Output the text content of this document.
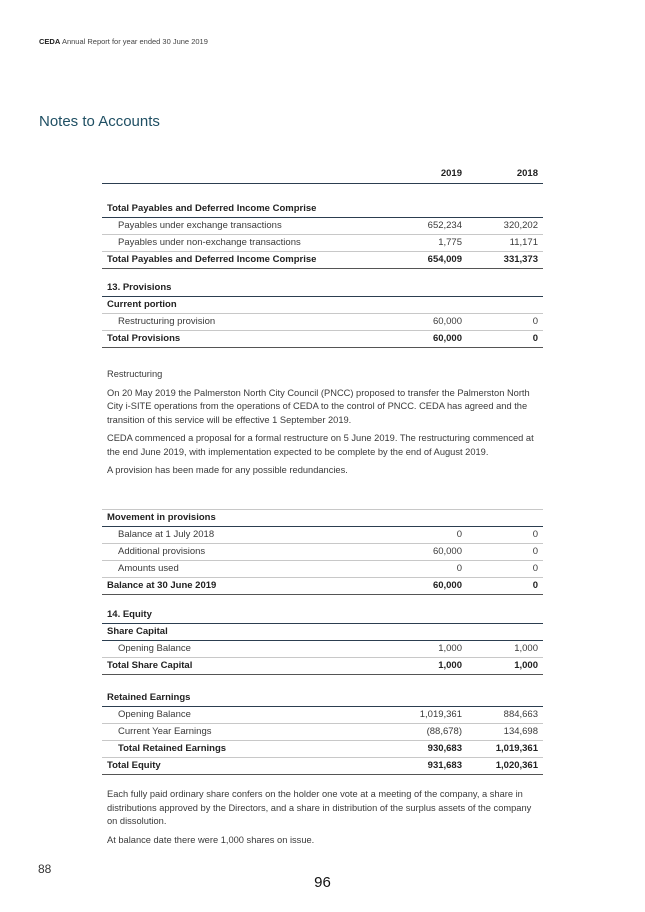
CEDA Annual Report for year ended 30 June 2019
Notes to Accounts
2019	2018
Total Payables and Deferred Income Comprise
Payables under exchange transactions	652,234	320,202
Payables under non-exchange transactions	1,775	11,171
Total Payables and Deferred Income Comprise	654,009	331,373
13. Provisions
Current portion
Restructuring provision	60,000	0
Total Provisions	60,000	0

Restructuring

On 20 May 2019 the Palmerston North City Council (PNCC) proposed to transfer the Palmerston North City i-SITE operations from the operations of CEDA to the control of PNCC. CEDA has agreed and the transition of this service will be effective 1 September 2019.

CEDA commenced a proposal for a formal restructure on 5 June 2019. The restructuring commenced at the end June 2019, with implementation expected to be complete by the end of August 2019.

A provision has been made for any possible redundancies.

Movement in provisions
Balance at 1 July 2018	0	0
Additional provisions	60,000	0
Amounts used	0	0
Balance at 30 June 2019	60,000	0
14. Equity
Share Capital
Opening Balance	1,000	1,000
Total Share Capital	1,000	1,000
Retained Earnings
Opening Balance	1,019,361	884,663
Current Year Earnings	(88,678)	134,698
Total Retained Earnings	930,683	1,019,361
Total Equity	931,683	1,020,361

Each fully paid ordinary share confers on the holder one vote at a meeting of the company, a share in distributions approved by the Directors, and a share in distribution of the surplus assets of the company on dissolution.

At balance date there were 1,000 shares on issue.

88
96
